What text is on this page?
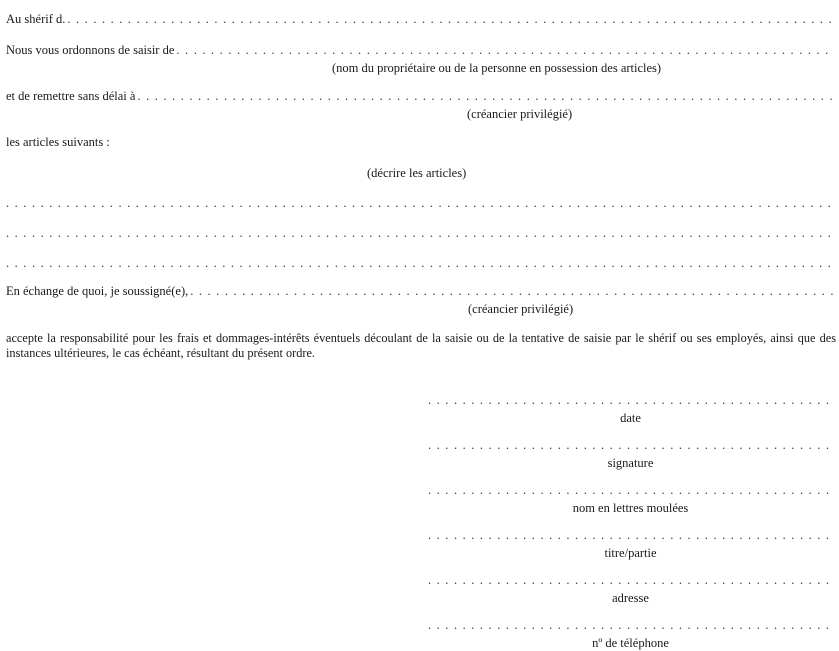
Au shérif d.
. . .
Nous vous ordonnons de saisir de
. . .
(nom du propriétaire ou de la personne en possession des articles)
et de remettre sans délai à
. . .
(créancier privilégié)
les articles suivants :
(décrire les articles)
. . .
. . .
. . .
En échange de quoi, je soussigné(e),
. . .
(créancier privilégié)
accepte la responsabilité pour les frais et dommages-intérêts éventuels découlant de la saisie ou de la tentative de saisie par le shérif ou ses employés, ainsi que des instances ultérieures, le cas échéant, résultant du présent ordre.
. . .
date
. . .
signature
. . .
nom en lettres moulées
. . .
titre/partie
. . .
adresse
. . .
nº de téléphone
